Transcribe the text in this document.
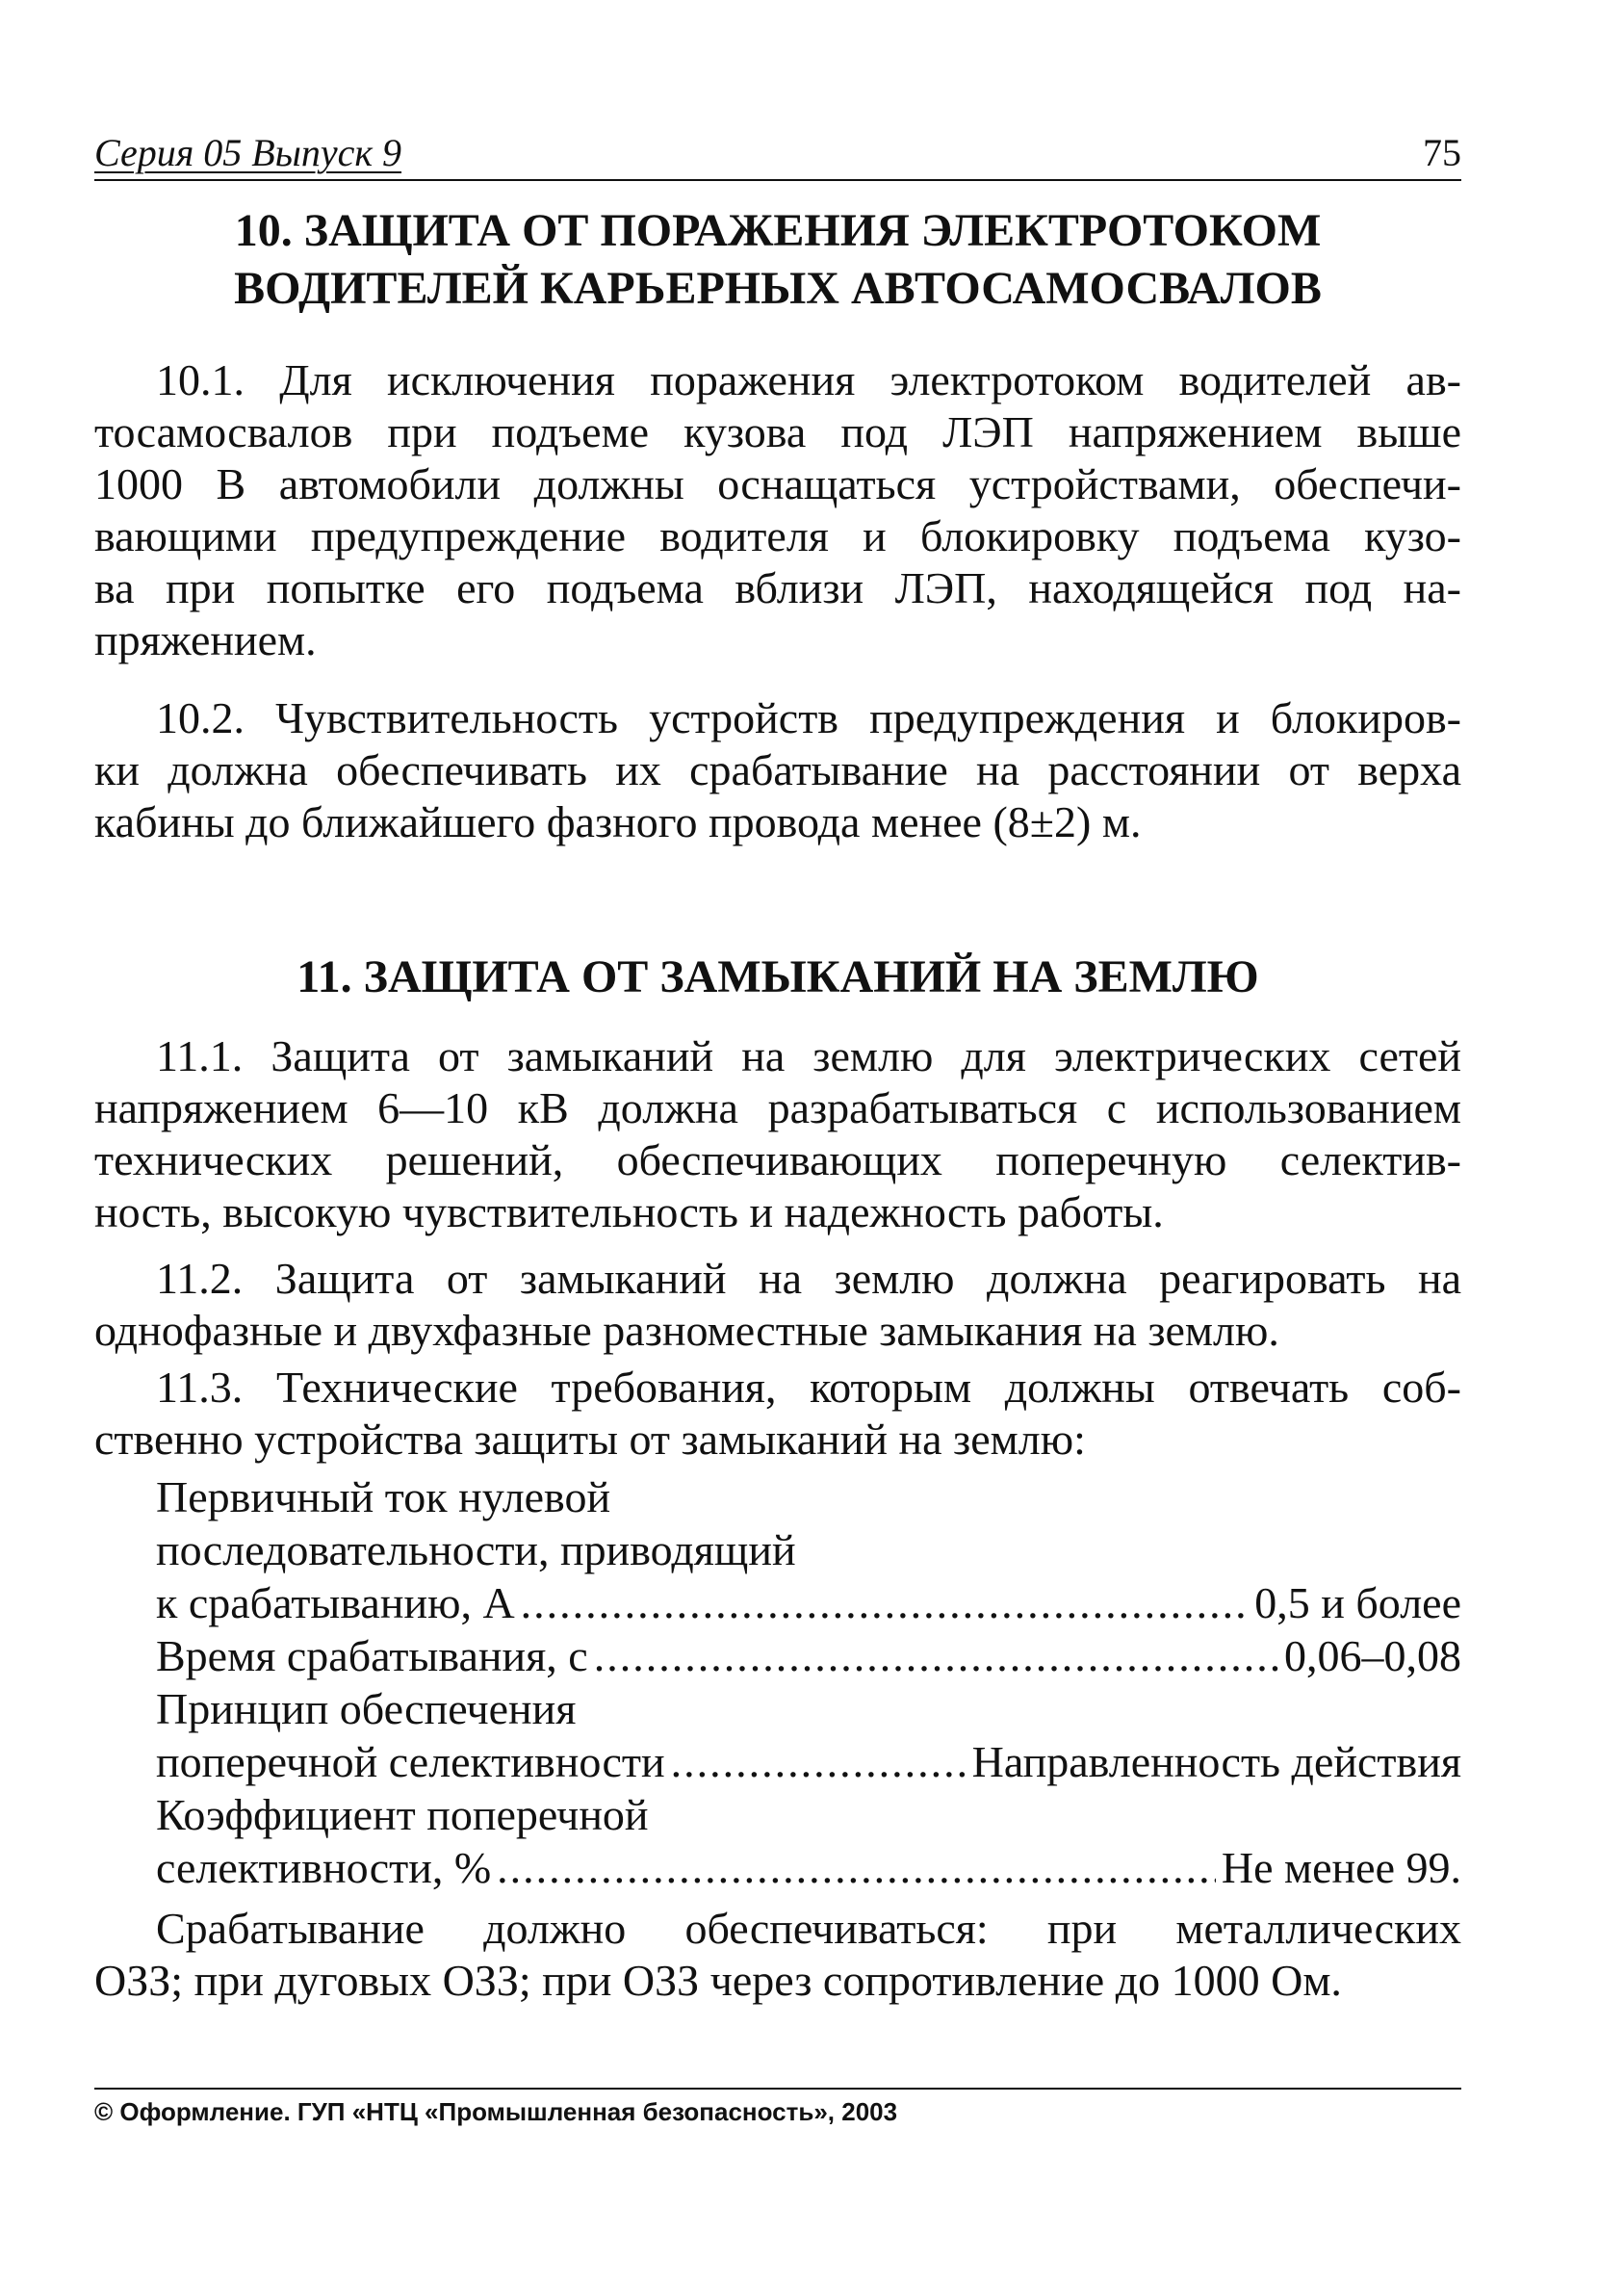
Серия 05 Выпуск 9	75
10. ЗАЩИТА ОТ ПОРАЖЕНИЯ ЭЛЕКТРОТОКОМ
ВОДИТЕЛЕЙ КАРЬЕРНЫХ АВТОСАМОСВАЛОВ
10.1. Для исключения поражения электротоком водителей ав-
тосамосвалов при подъеме кузова под ЛЭП напряжением выше
1000 В автомобили должны оснащаться устройствами, обеспечи-
вающими предупреждение водителя и блокировку подъема кузо-
ва при попытке его подъема вблизи ЛЭП, находящейся под на-
пряжением.
10.2. Чувствительность устройств предупреждения и блокиров-
ки должна обеспечивать их срабатывание на расстоянии от верха
кабины до ближайшего фазного провода менее (8±2) м.
11. ЗАЩИТА ОТ ЗАМЫКАНИЙ НА ЗЕМЛЮ
11.1. Защита от замыканий на землю для электрических сетей
напряжением 6—10 кВ должна разрабатываться с использованием
технических решений, обеспечивающих поперечную селектив-
ность, высокую чувствительность и надежность работы.
11.2. Защита от замыканий на землю должна реагировать на
однофазные и двухфазные разноместные замыкания на землю.
11.3. Технические требования, которым должны отвечать соб-
ственно устройства защиты от замыканий на землю:
Первичный ток нулевой
последовательности, приводящий
к срабатыванию, А .....	0,5 и более
Время срабатывания, с .....	0,06–0,08
Принцип обеспечения
поперечной селективности .....	Направленность действия
Коэффициент поперечной
селективности, % .....	Не менее 99.
Срабатывание должно обеспечиваться: при металлических
ОЗЗ; при дуговых ОЗЗ; при ОЗЗ через сопротивление до 1000 Ом.
© Оформление. ГУП «НТЦ «Промышленная безопасность», 2003
